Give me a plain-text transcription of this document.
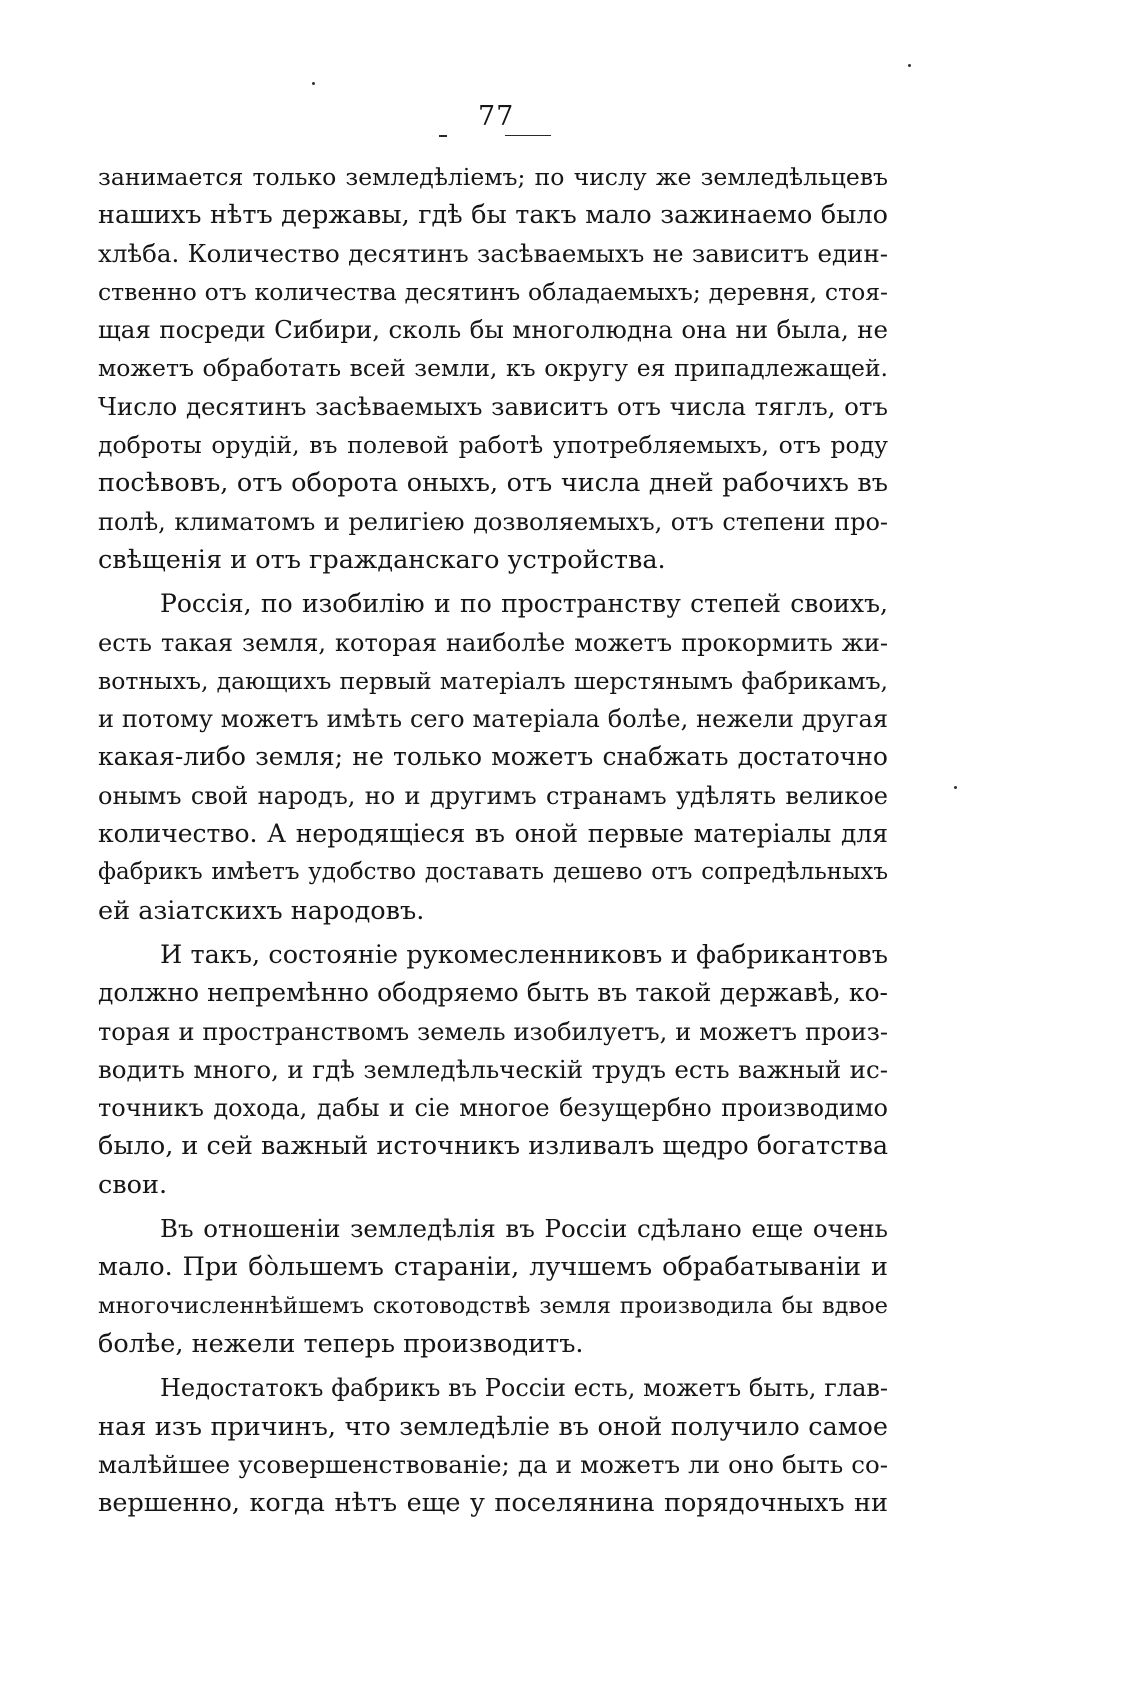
77
занимается только земледѣліемъ; по числу же земледѣльцевъ
нашихъ нѣтъ державы, гдѣ бы такъ мало зажинаемо было
хлѣба. Количество десятинъ засѣваемыхъ не зависитъ един-
ственно отъ количества десятинъ обладаемыхъ; деревня, стоя-
щая посреди Сибири, сколь бы многолюдна она ни была, не
можетъ обработать всей земли, къ округу ея припадлежащей.
Число десятинъ засѣваемыхъ зависитъ отъ числа тяглъ, отъ
доброты орудій, въ полевой работѣ употребляемыхъ, отъ роду
посѣвовъ, отъ оборота оныхъ, отъ числа дней рабочихъ въ
полѣ, климатомъ и религіею дозволяемыхъ, отъ степени про-
свѣщенія и отъ гражданскаго устройства.
Россія, по изобилію и по пространству степей своихъ,
есть такая земля, которая наиболѣе можетъ прокормить жи-
вотныхъ, дающихъ первый матеріалъ шерстянымъ фабрикамъ,
и потому можетъ имѣть сего матеріала болѣе, нежели другая
какая-либо земля; не только можетъ снабжать достаточно
онымъ свой народъ, но и другимъ странамъ удѣлять великое
количество. А неродящіеся въ оной первые матеріалы для
фабрикъ имѣетъ удобство доставать дешево отъ сопредѣльныхъ
ей азіатскихъ народовъ.
И такъ, состояніе рукомесленниковъ и фабрикантовъ
должно непремѣнно ободряемо быть въ такой державѣ, ко-
торая и пространствомъ земель изобилуетъ, и можетъ произ-
водить много, и гдѣ земледѣльческій трудъ есть важный ис-
точникъ дохода, дабы и сіе многое безущербно производимо
было, и сей важный источникъ изливалъ щедро богатства
свои.
Въ отношеніи земледѣлія въ Россіи сдѣлано еще очень
мало. При бо̀льшемъ стараніи, лучшемъ обрабатываніи и
многочисленнѣйшемъ скотоводствѣ земля производила бы вдвое
болѣе, нежели теперь производитъ.
Недостатокъ фабрикъ въ Россіи есть, можетъ быть, глав-
ная изъ причинъ, что земледѣліе въ оной получило самое
малѣйшее усовершенствованіе; да и можетъ ли оно быть со-
вершенно, когда нѣтъ еще у поселянина порядочныхъ ни
